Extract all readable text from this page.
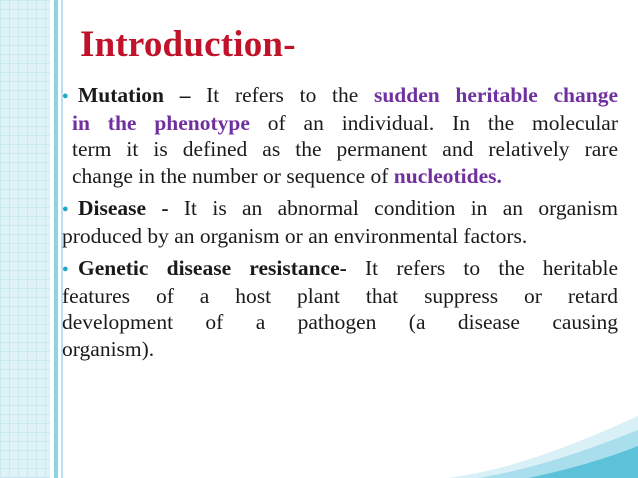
Introduction-
● Mutation – It refers to the sudden heritable change
in the phenotype of an individual. In the molecular
term it is defined as the permanent and relatively rare
change in the number or sequence of nucleotides.
● Disease - It is an abnormal condition in an organism
produced by an organism or an environmental factors.
● Genetic disease resistance- It refers to the heritable
features of a host plant that suppress or retard
development of a pathogen (a disease causing
organism).
